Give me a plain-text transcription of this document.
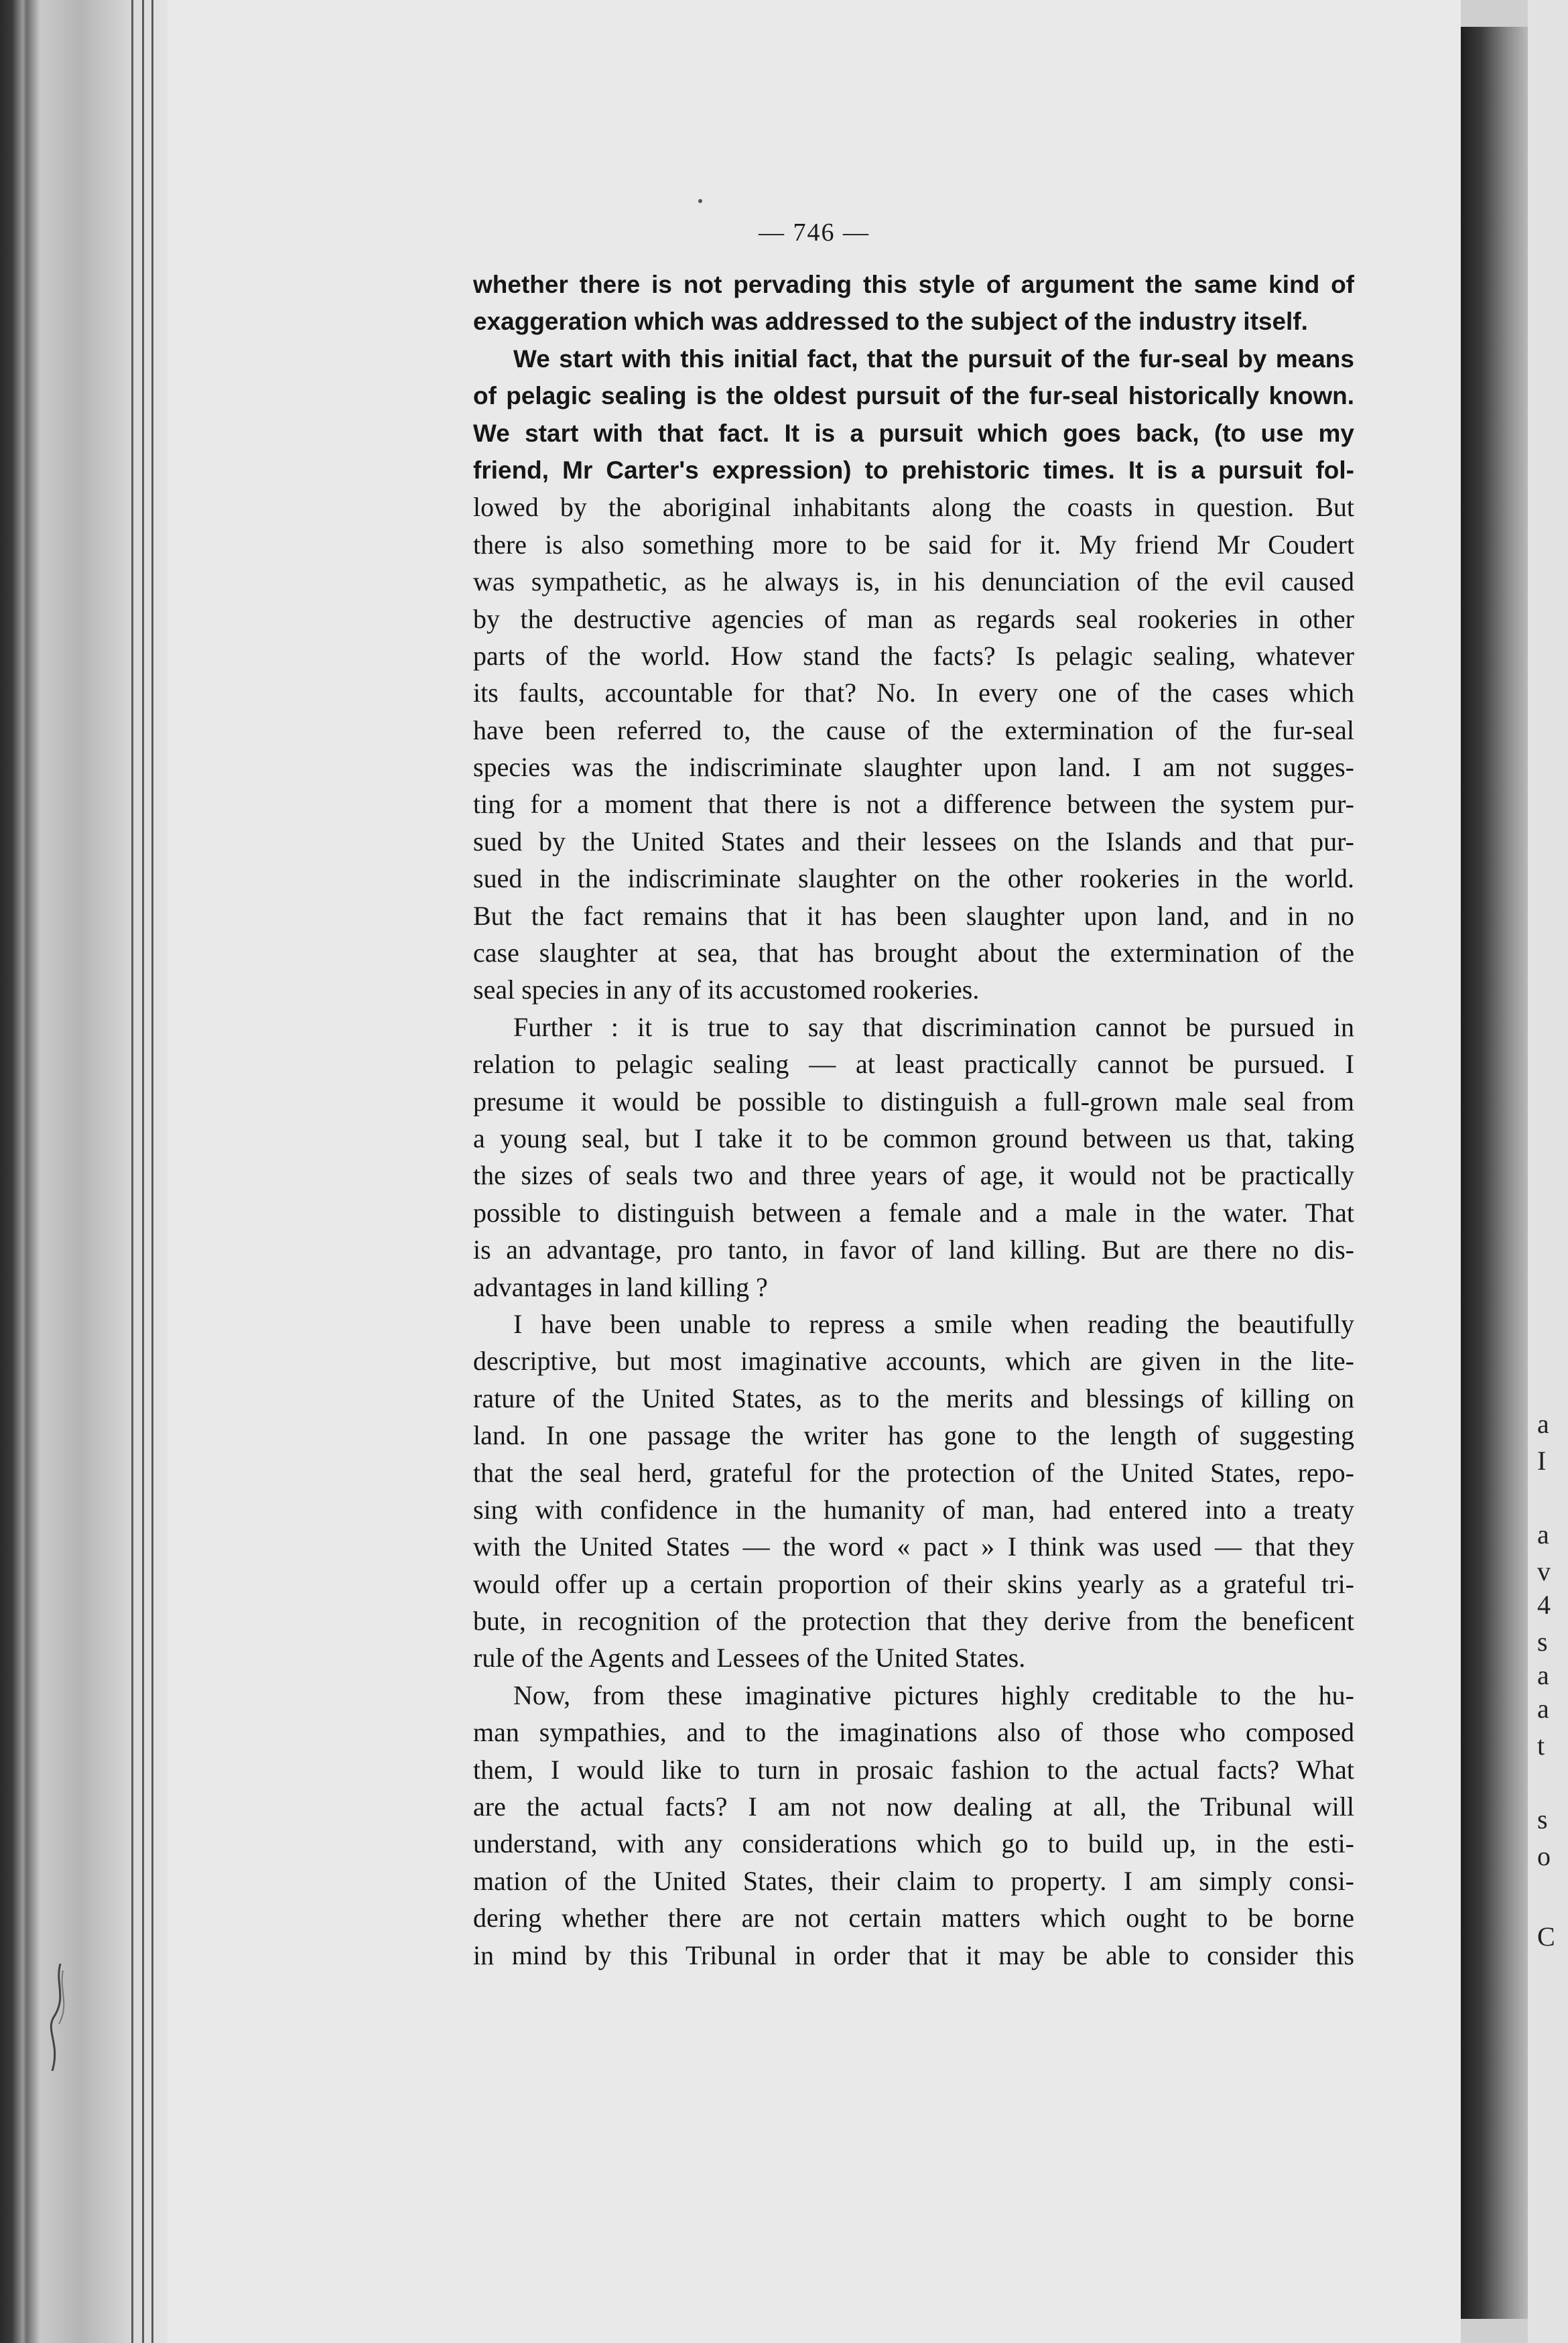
— 746 —
whether there is not pervading this style of argument the same kind of
exaggeration which was addressed to the subject of the industry itself.
We start with this initial fact, that the pursuit of the fur-seal by means
of pelagic sealing is the oldest pursuit of the fur-seal historically known.
We start with that fact. It is a pursuit which goes back, (to use my
friend, Mr Carter's expression) to prehistoric times. It is a pursuit fol-
lowed by the aboriginal inhabitants along the coasts in question. But
there is also something more to be said for it. My friend Mr Coudert
was sympathetic, as he always is, in his denunciation of the evil caused
by the destructive agencies of man as regards seal rookeries in other
parts of the world. How stand the facts? Is pelagic sealing, whatever
its faults, accountable for that? No. In every one of the cases which
have been referred to, the cause of the extermination of the fur-seal
species was the indiscriminate slaughter upon land. I am not sugges-
ting for a moment that there is not a difference between the system pur-
sued by the United States and their lessees on the Islands and that pur-
sued in the indiscriminate slaughter on the other rookeries in the world.
But the fact remains that it has been slaughter upon land, and in no
case slaughter at sea, that has brought about the extermination of the
seal species in any of its accustomed rookeries.
Further : it is true to say that discrimination cannot be pursued in
relation to pelagic sealing — at least practically cannot be pursued. I
presume it would be possible to distinguish a full-grown male seal from
a young seal, but I take it to be common ground between us that, taking
the sizes of seals two and three years of age, it would not be practically
possible to distinguish between a female and a male in the water. That
is an advantage, pro tanto, in favor of land killing. But are there no dis-
advantages in land killing ?
I have been unable to repress a smile when reading the beautifully
descriptive, but most imaginative accounts, which are given in the lite-
rature of the United States, as to the merits and blessings of killing on
land. In one passage the writer has gone to the length of suggesting
that the seal herd, grateful for the protection of the United States, repo-
sing with confidence in the humanity of man, had entered into a treaty
with the United States — the word « pact » I think was used — that they
would offer up a certain proportion of their skins yearly as a grateful tri-
bute, in recognition of the protection that they derive from the beneficent
rule of the Agents and Lessees of the United States.
Now, from these imaginative pictures highly creditable to the hu-
man sympathies, and to the imaginations also of those who composed
them, I would like to turn in prosaic fashion to the actual facts? What
are the actual facts? I am not now dealing at all, the Tribunal will
understand, with any considerations which go to build up, in the esti-
mation of the United States, their claim to property. I am simply consi-
dering whether there are not certain matters which ought to be borne
in mind by this Tribunal in order that it may be able to consider this
a
I
a
v
4
s
a
a
t
s
o
C
